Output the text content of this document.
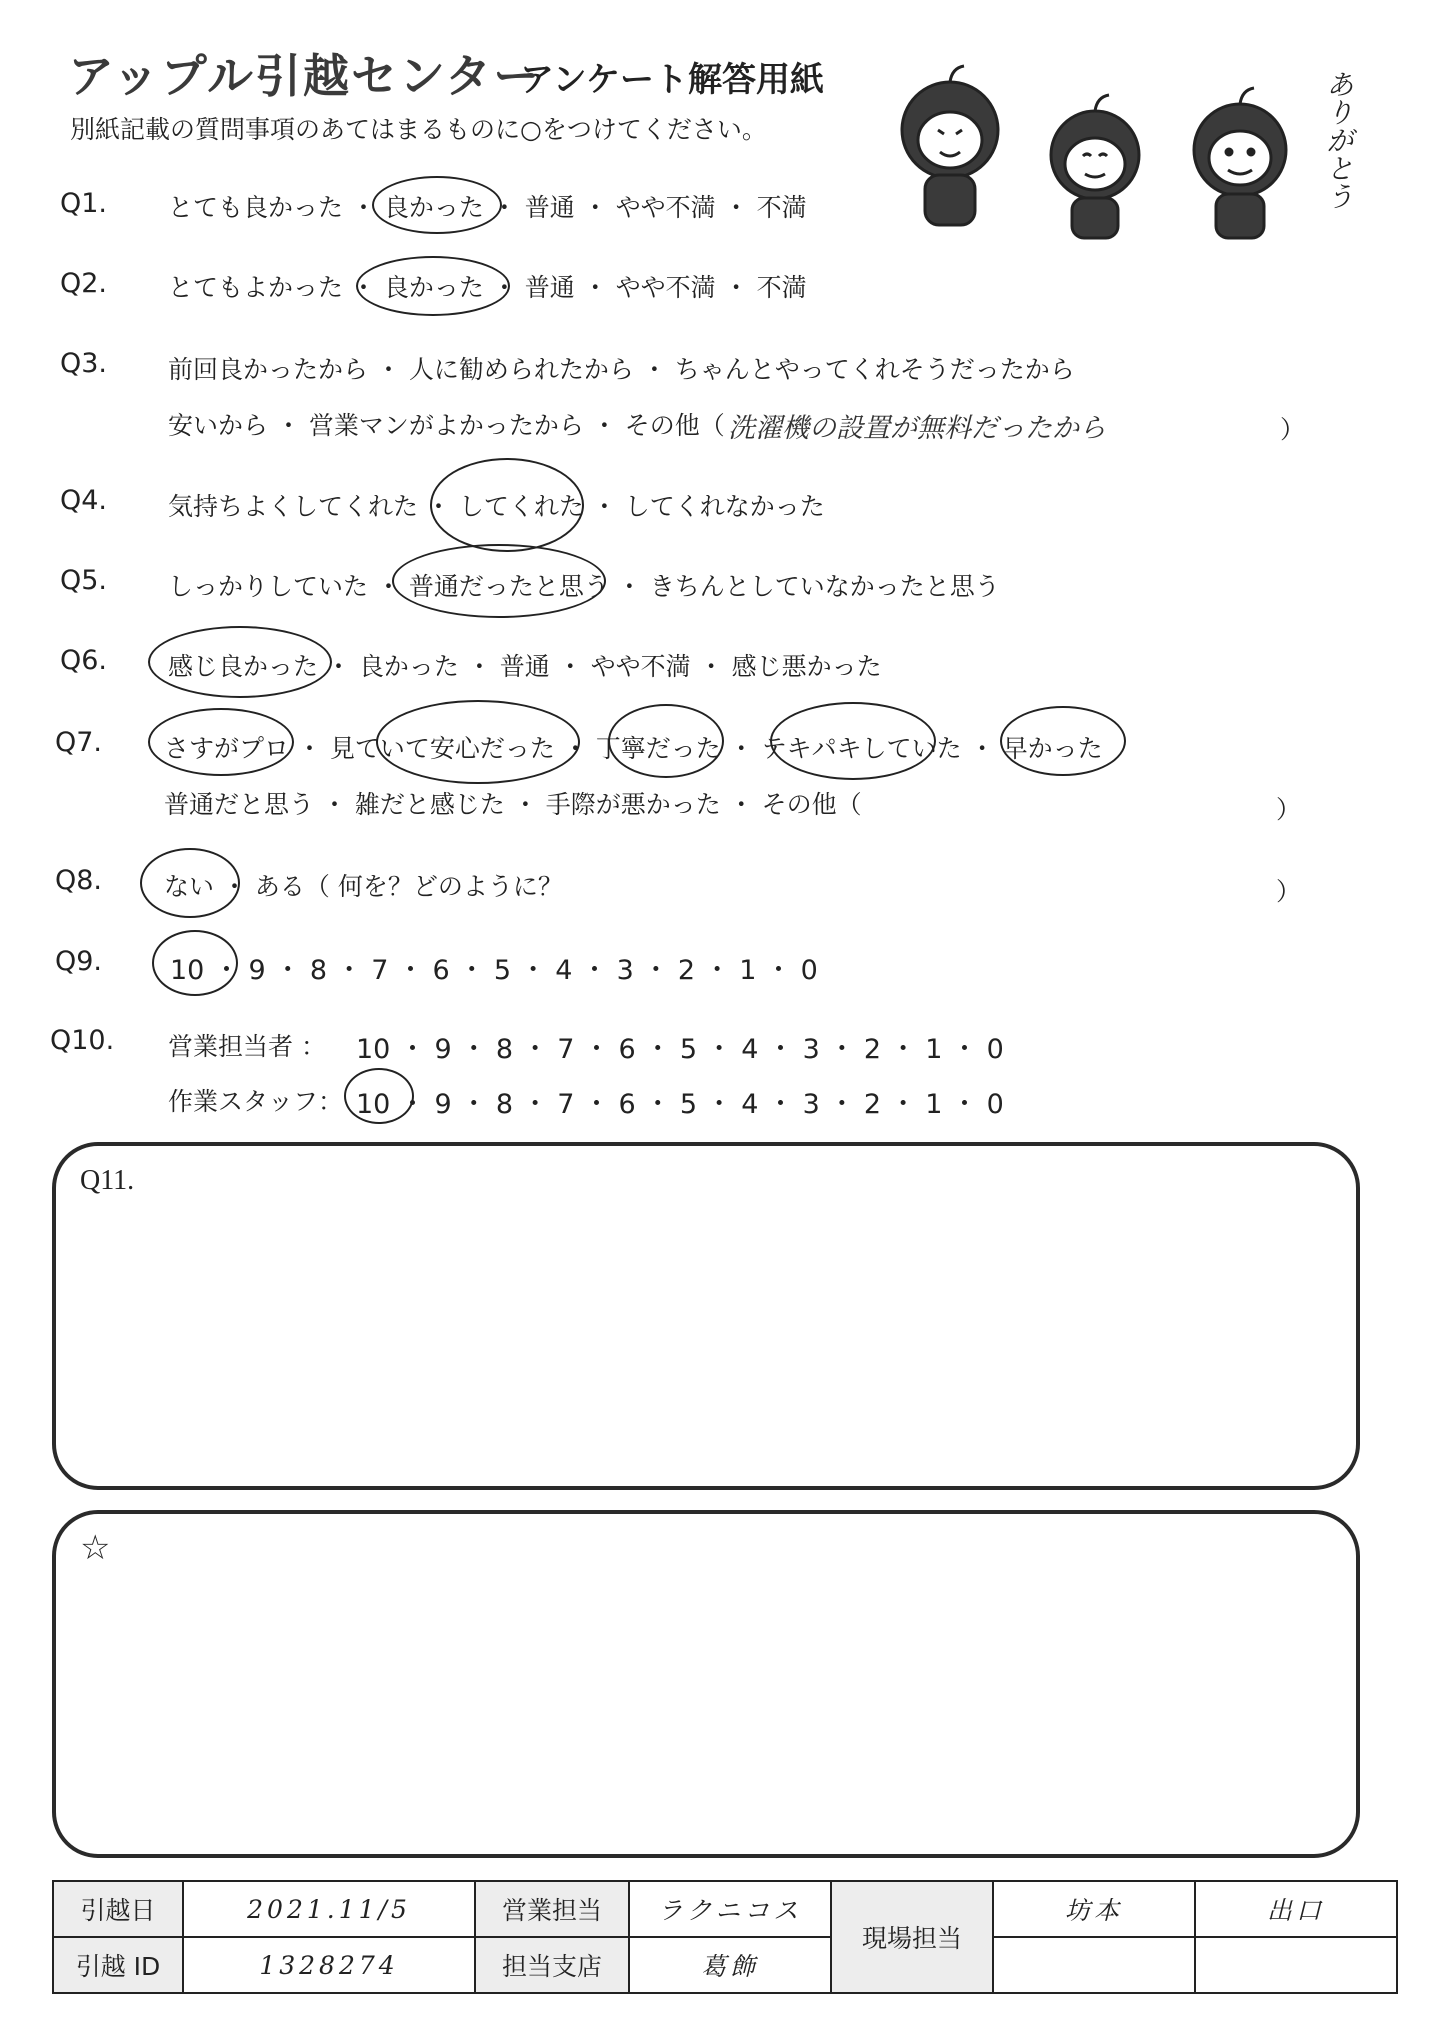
アップル引越センター
アンケート解答用紙
別紙記載の質問事項のあてはまるものに○をつけてください。	ありがとう
Q1. とても良かった ・ 良かった ・ 普通 ・ やや不満 ・ 不満
Q2. とてもよかった ・ 良かった ・ 普通 ・ やや不満 ・ 不満
Q3. 前回良かったから ・ 人に勧められたから ・ ちゃんとやってくれそうだったから
安いから ・ 営業マンがよかったから ・ その他（ 洗濯機の設置が無料だったから	）
Q4. 気持ちよくしてくれた ・ してくれた ・ してくれなかった
Q5. しっかりしていた ・ 普通だったと思う ・ きちんとしていなかったと思う
Q6. 感じ良かった ・ 良かった ・ 普通 ・ やや不満 ・ 感じ悪かった
Q7. さすがプロ ・ 見ていて安心だった ・ 丁寧だった ・ テキパキしていた ・ 早かった
普通だと思う ・ 雑だと感じた ・ 手際が悪かった ・ その他（	）
Q8. ない ・ ある（ 何を？どのように？	）
Q9.	10 ・ 9 ・ 8 ・ 7 ・ 6 ・ 5 ・ 4 ・ 3 ・ 2 ・ 1 ・ 0
Q10. 営業担当者 ： 10 ・ 9 ・ 8 ・ 7 ・ 6 ・ 5 ・ 4 ・ 3 ・ 2 ・ 1 ・ 0
作業スタッフ： 10 ・ 9 ・ 8 ・ 7 ・ 6 ・ 5 ・ 4 ・ 3 ・ 2 ・ 1 ・ 0
Q11.
☆
引越日	2021.11/5	営業担当	ラクニコス	現場担当	坊本	出口
引越 ID	1328274	担当支店	葛飾			
